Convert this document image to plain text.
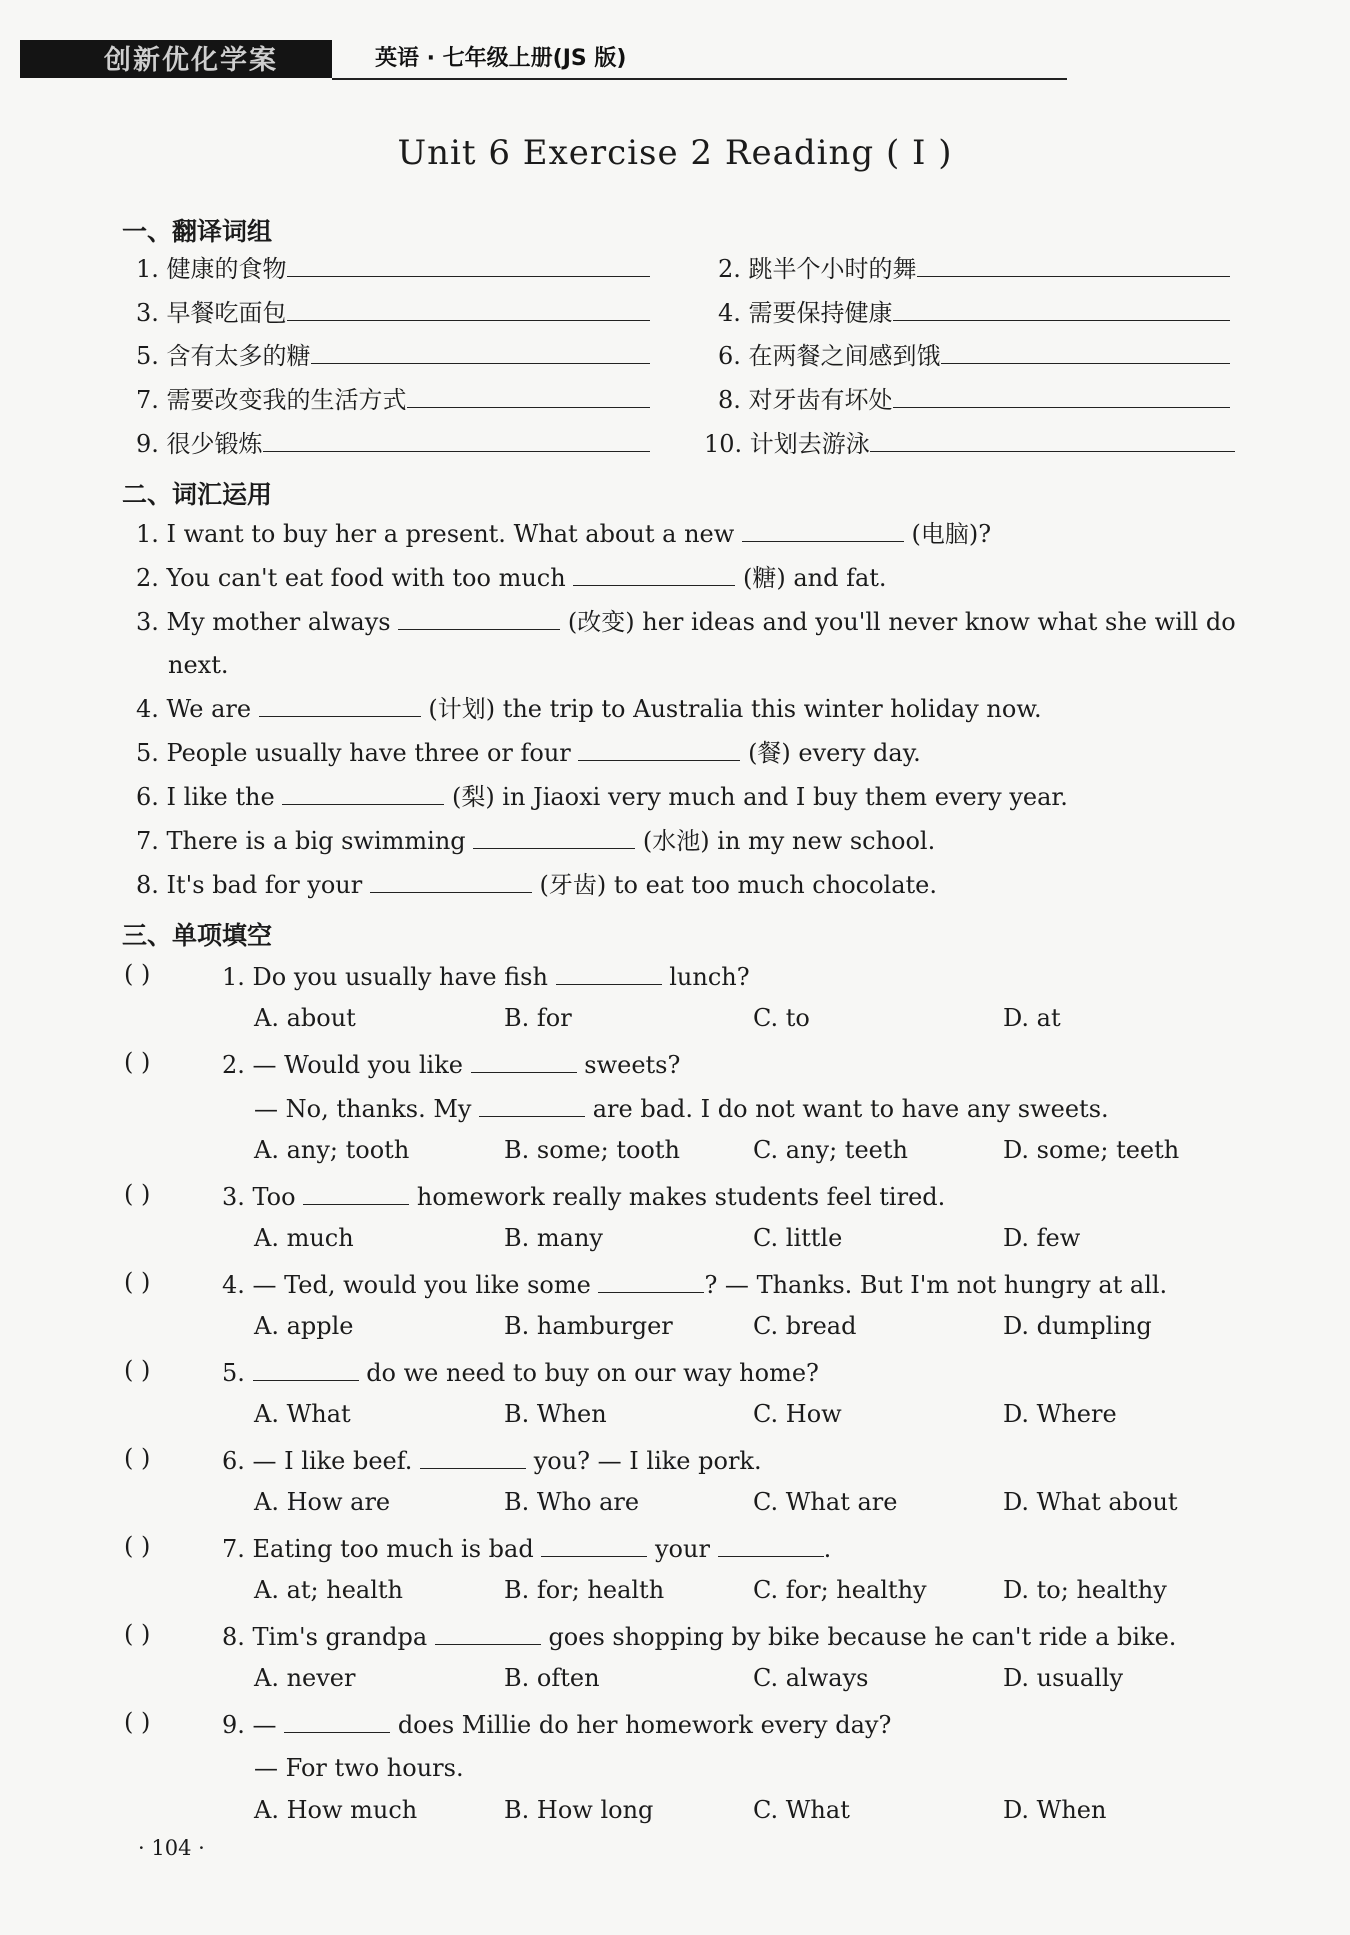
创新优化学案	英语 · 七年级上册(JS 版)
Unit 6 Exercise 2 Reading ( Ⅰ )
一、翻译词组
1. 健康的食物	2. 跳半个小时的舞
3. 早餐吃面包	4. 需要保持健康
5. 含有太多的糖	6. 在两餐之间感到饿
7. 需要改变我的生活方式	8. 对牙齿有坏处
9. 很少锻炼	10. 计划去游泳
二、词汇运用
1. I want to buy her a present. What about a new	(电脑)?
2. You can't eat food with too much	(糖) and fat.
3. My mother always	(改变) her ideas and you'll never know what she will do
next.
4. We are	(计划) the trip to Australia this winter holiday now.
5. People usually have three or four	(餐) every day.
6. I like the	(梨) in Jiaoxi very much and I buy them every year.
7. There is a big swimming	(水池) in my new school.
8. It's bad for your	(牙齿) to eat too much chocolate.
三、单项填空
( )	1. Do you usually have fish	lunch?
A. about	B. for	C. to	D. at
( )	2. — Would you like	sweets?
— No, thanks. My	are bad. I do not want to have any sweets.
A. any; tooth	B. some; tooth	C. any; teeth	D. some; teeth
( )	3. Too	homework really makes students feel tired.
A. much	B. many	C. little	D. few
( )	4. — Ted, would you like some	? — Thanks. But I'm not hungry at all.
A. apple	B. hamburger	C. bread	D. dumpling
( )	5.	do we need to buy on our way home?
A. What	B. When	C. How	D. Where
( )	6. — I like beef.	you? — I like pork.
A. How are	B. Who are	C. What are	D. What about
( )	7. Eating too much is bad	your	.
A. at; health	B. for; health	C. for; healthy	D. to; healthy
( )	8. Tim's grandpa	goes shopping by bike because he can't ride a bike.
A. never	B. often	C. always	D. usually
( )	9. —	does Millie do her homework every day?
— For two hours.
A. How much	B. How long	C. What	D. When
· 104 ·
